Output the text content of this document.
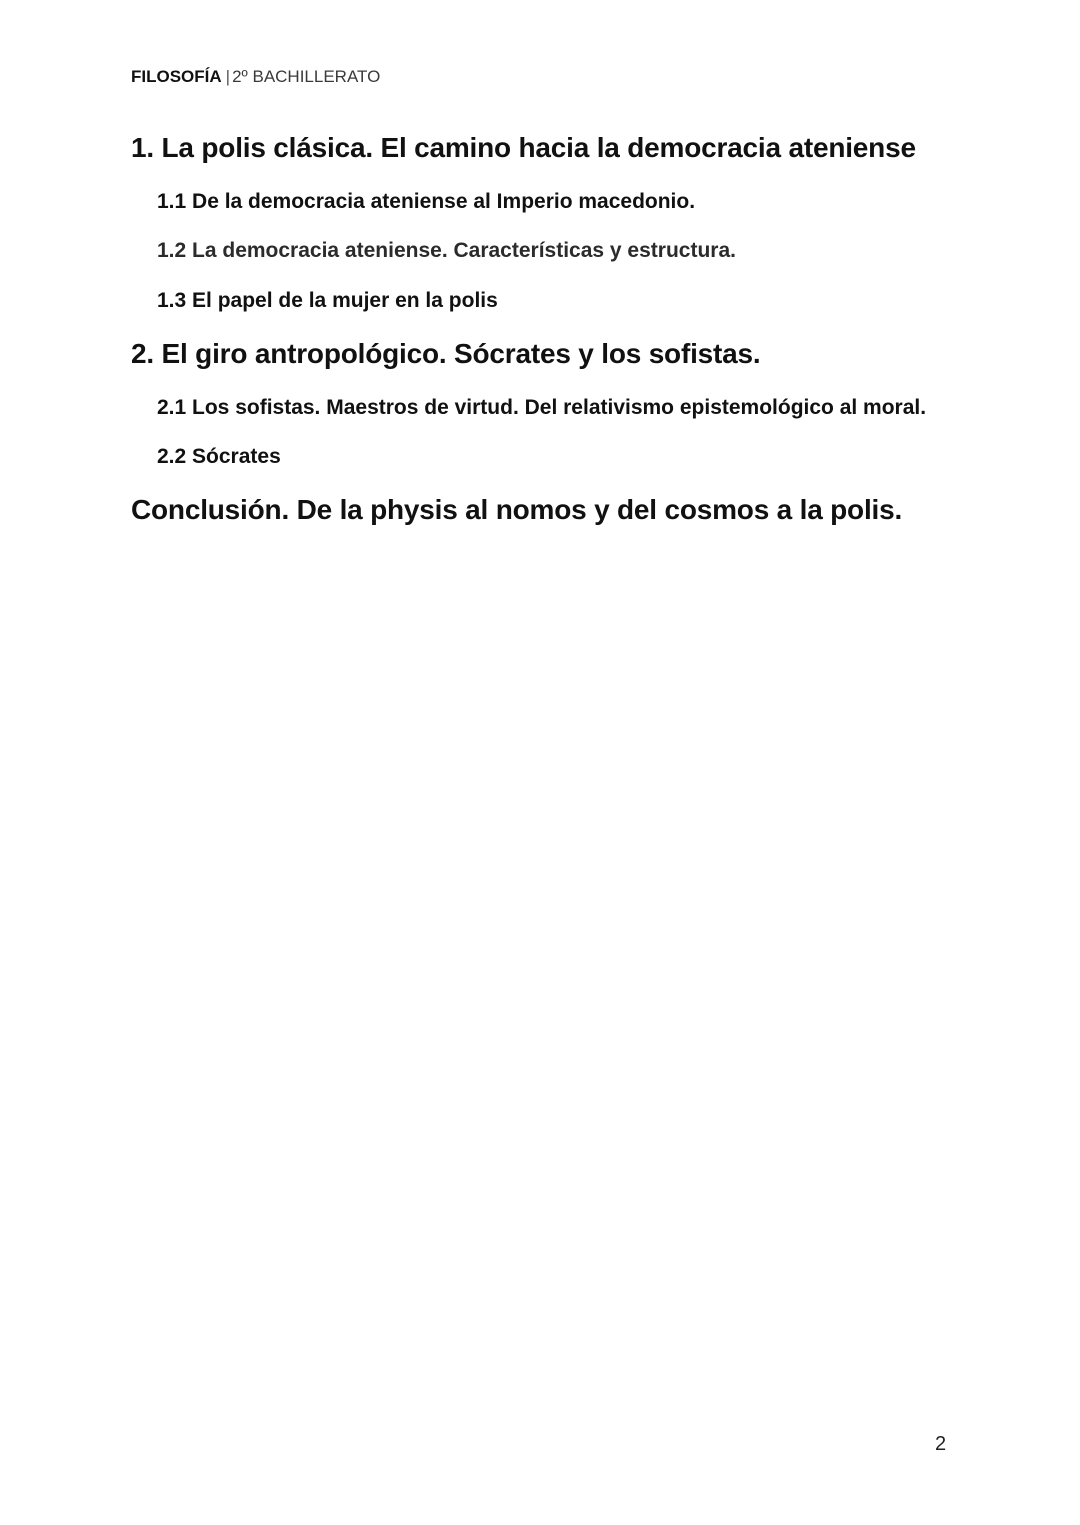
FILOSOFÍA | 2º BACHILLERATO
1. La polis clásica. El camino hacia la democracia ateniense
1.1 De la democracia ateniense al Imperio macedonio.
1.2 La democracia ateniense. Características y estructura.
1.3 El papel de la mujer en la polis
2. El giro antropológico. Sócrates y los sofistas.
2.1 Los sofistas. Maestros de virtud. Del relativismo epistemológico al moral.
2.2 Sócrates
Conclusión. De la physis al nomos y del cosmos a la polis.
2
